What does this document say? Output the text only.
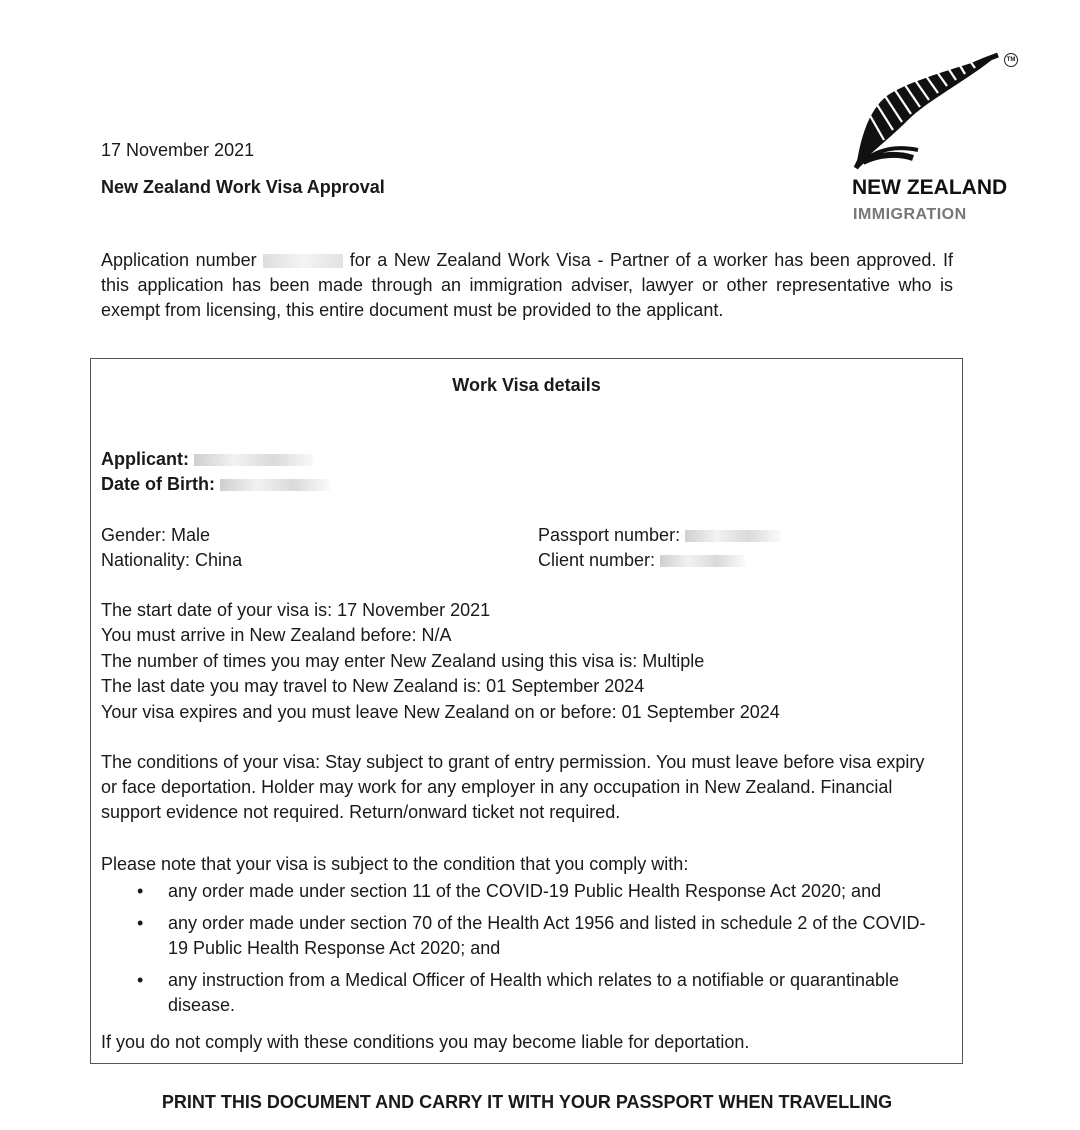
TM
NEW ZEALAND
IMMIGRATION
17 November 2021
New Zealand Work Visa Approval
Application number	for a New Zealand Work Visa - Partner of a worker has been approved. If this application has been made through an immigration adviser, lawyer or other representative who is exempt from licensing, this entire document must be provided to the applicant.
Work Visa details
Applicant:
Date of Birth:
Gender: Male
Nationality: China
Passport number:
Client number:
The start date of your visa is: 17 November 2021
You must arrive in New Zealand before: N/A
The number of times you may enter New Zealand using this visa is: Multiple
The last date you may travel to New Zealand is: 01 September 2024
Your visa expires and you must leave New Zealand on or before: 01 September 2024
The conditions of your visa: Stay subject to grant of entry permission. You must leave before visa expiry or face deportation. Holder may work for any employer in any occupation in New Zealand. Financial support evidence not required. Return/onward ticket not required.
Please note that your visa is subject to the condition that you comply with:
• any order made under section 11 of the COVID-19 Public Health Response Act 2020; and
• any order made under section 70 of the Health Act 1956 and listed in schedule 2 of the COVID-19 Public Health Response Act 2020; and
• any instruction from a Medical Officer of Health which relates to a notifiable or quarantinable disease.
If you do not comply with these conditions you may become liable for deportation.
PRINT THIS DOCUMENT AND CARRY IT WITH YOUR PASSPORT WHEN TRAVELLING
